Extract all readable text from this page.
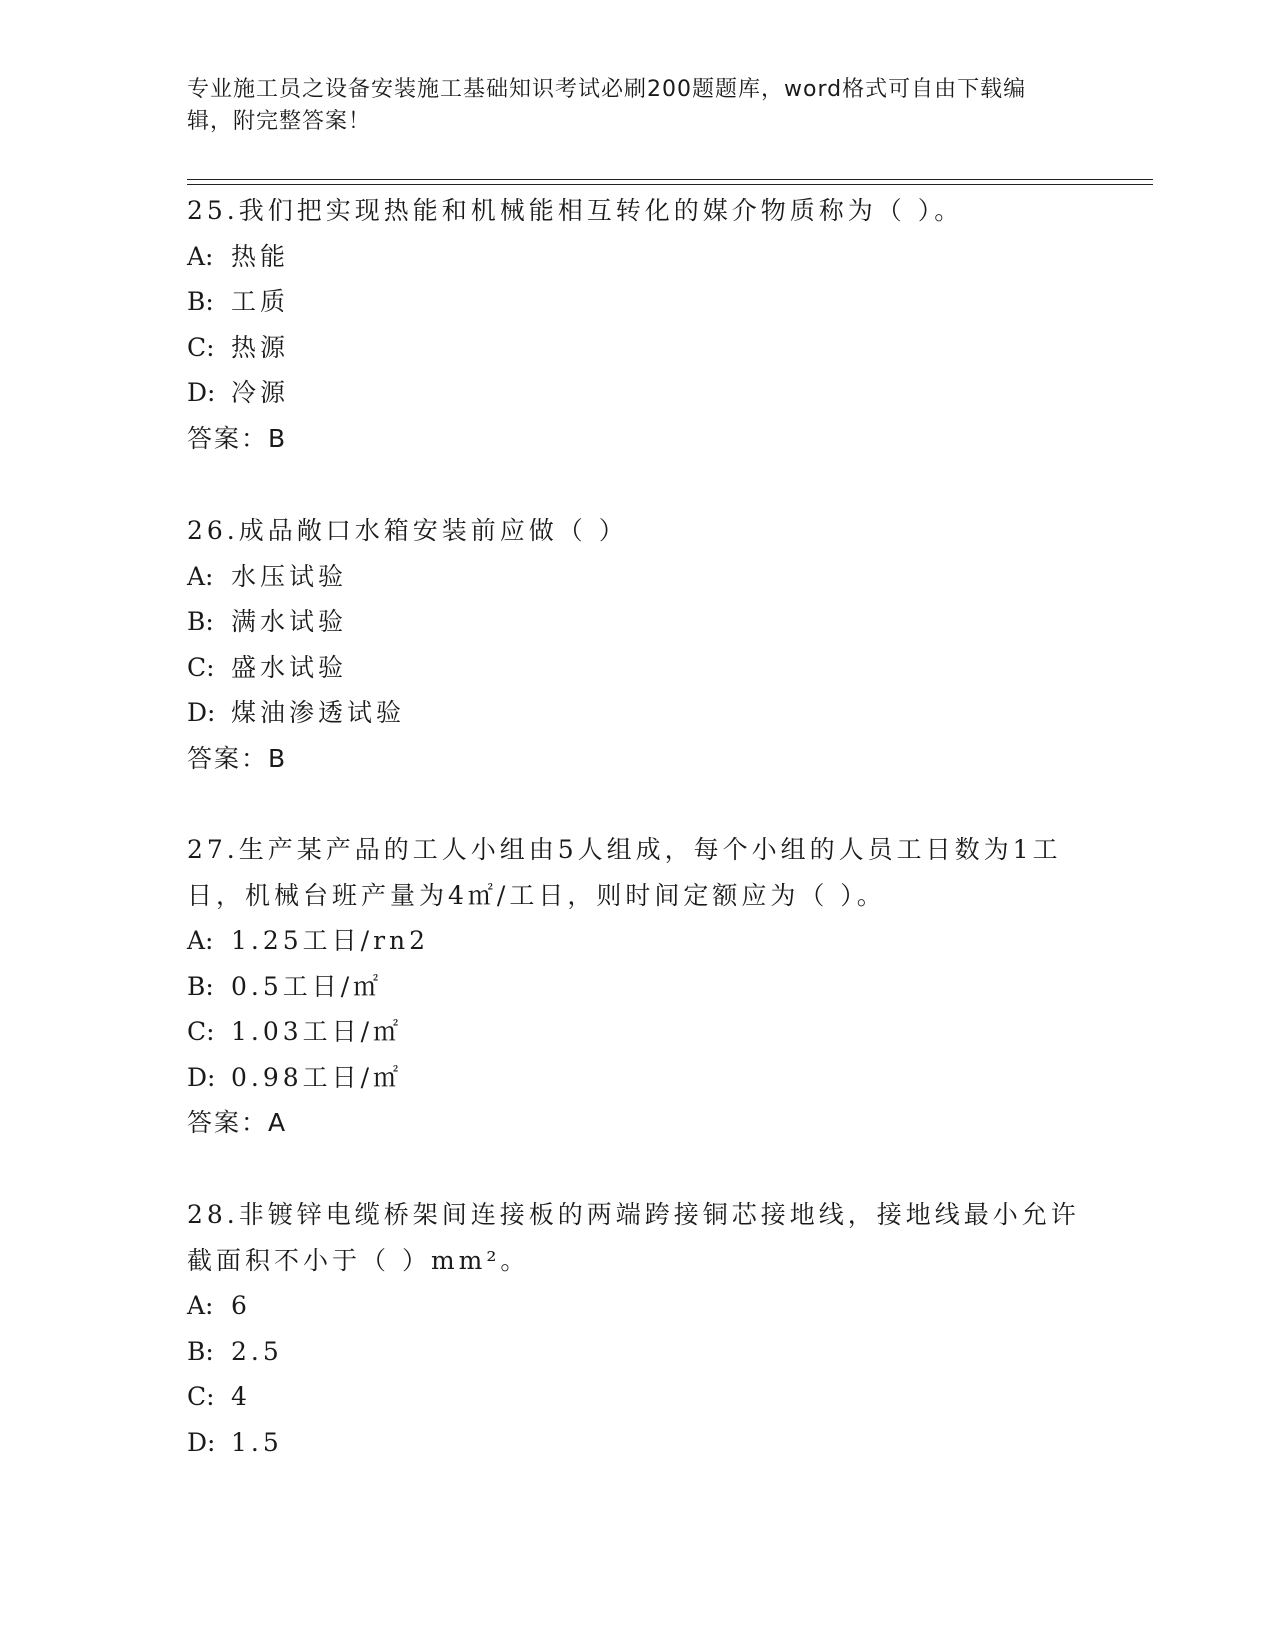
专业施工员之设备安装施工基础知识考试必刷200题题库，word格式可自由下载编辑，附完整答案！

25.我们把实现热能和机械能相互转化的媒介物质称为（ ）。

A: 热能

B: 工质

C: 热源

D: 冷源

答案：B

26.成品敞口水箱安装前应做（ ）

A: 水压试验

B: 满水试验

C: 盛水试验

D: 煤油渗透试验

答案：B

27.生产某产品的工人小组由5人组成，每个小组的人员工日数为1工日，机械台班产量为4㎡/工日，则时间定额应为（ ）。

A: 1.25工日/rn2

B: 0.5工日/㎡

C: 1.03工日/㎡

D: 0.98工日/㎡

答案：A

28.非镀锌电缆桥架间连接板的两端跨接铜芯接地线，接地线最小允许截面积不小于（ ）mm²。

A: 6

B: 2.5

C: 4

D: 1.5
